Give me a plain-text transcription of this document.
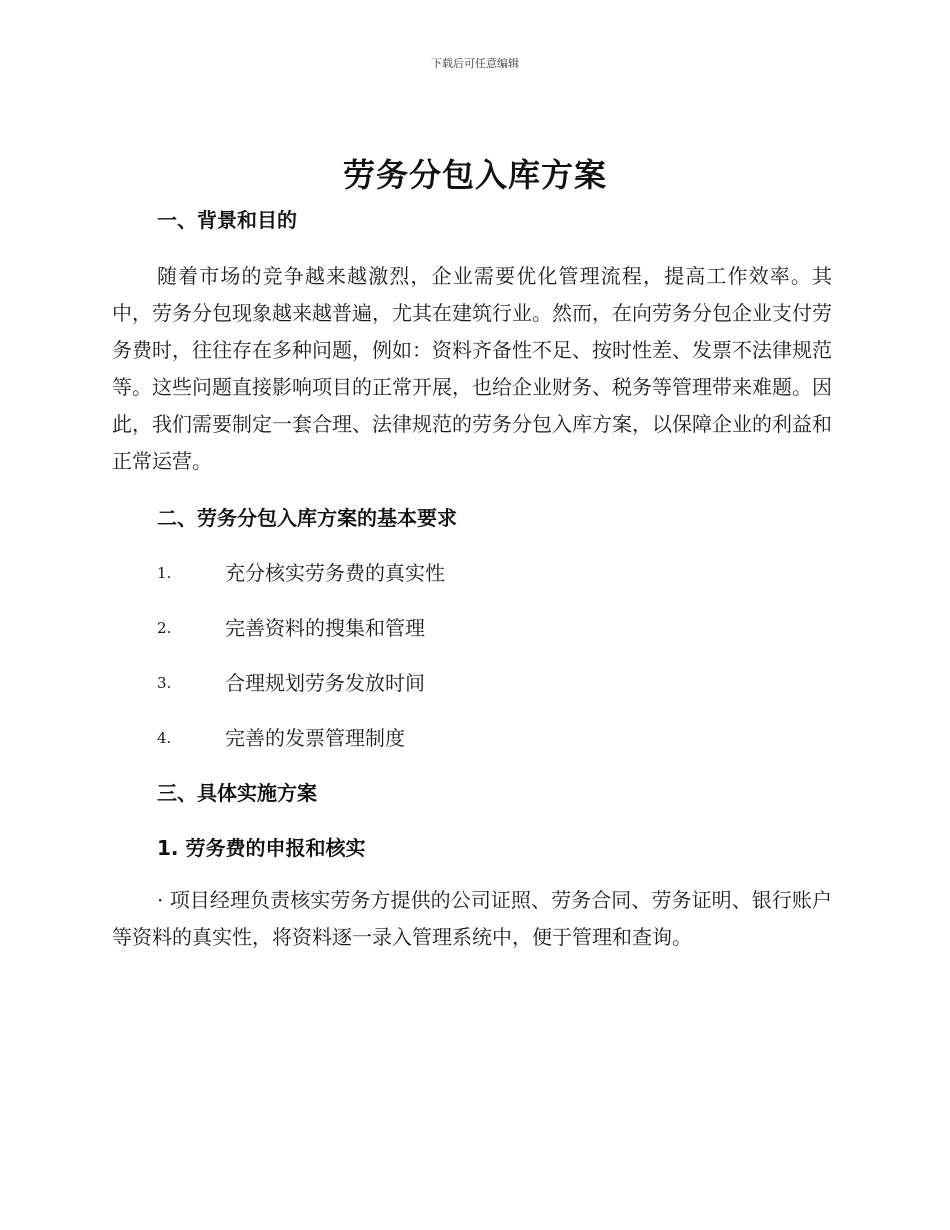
下载后可任意编辑
劳务分包入库方案
一、背景和目的

随着市场的竞争越来越激烈，企业需要优化管理流程，提高工作效率。其中，劳务分包现象越来越普遍，尤其在建筑行业。然而，在向劳务分包企业支付劳务费时，往往存在多种问题，例如：资料齐备性不足、按时性差、发票不法律规范等。这些问题直接影响项目的正常开展，也给企业财务、税务等管理带来难题。因此，我们需要制定一套合理、法律规范的劳务分包入库方案，以保障企业的利益和正常运营。

二、劳务分包入库方案的基本要求
1.	充分核实劳务费的真实性
2.	完善资料的搜集和管理
3.	合理规划劳务发放时间
4.	完善的发票管理制度
三、具体实施方案
1. 劳务费的申报和核实

· 项目经理负责核实劳务方提供的公司证照、劳务合同、劳务证明、银行账户等资料的真实性，将资料逐一录入管理系统中，便于管理和查询。
